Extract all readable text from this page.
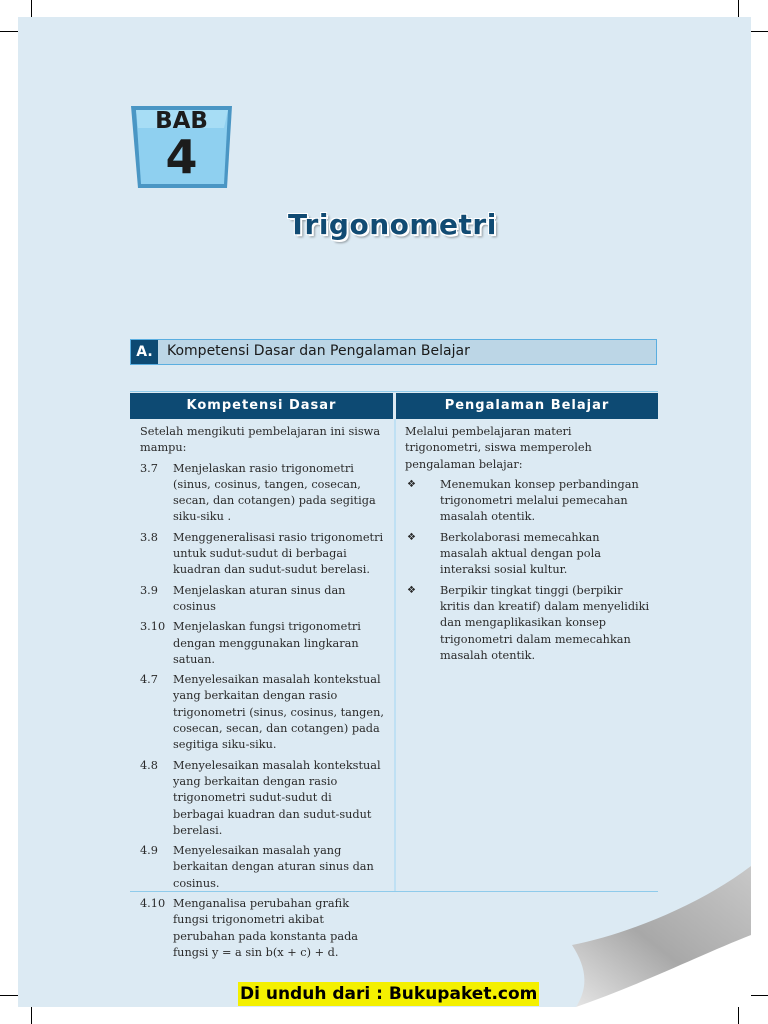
BAB
4
Trigonometri
A.	Kompetensi Dasar dan Pengalaman Belajar
Kompetensi Dasar	Pengalaman Belajar

Setelah mengikuti pembelajaran ini siswa mampu:

3.7	Menjelaskan rasio trigonometri (sinus, cosinus, tangen, cosecan, secan, dan cotangen) pada segitiga siku-siku .
3.8	Menggeneralisasi rasio trigonometri untuk sudut-sudut di berbagai kuadran dan sudut-sudut berelasi.
3.9	Menjelaskan aturan sinus dan cosinus
3.10 Menjelaskan fungsi trigonometri dengan menggunakan lingkaran satuan.
4.7	Menyelesaikan masalah kontekstual yang berkaitan dengan rasio trigonometri (sinus, cosinus, tangen, cosecan, secan, dan cotangen) pada segitiga siku-siku.
4.8	Menyelesaikan masalah kontekstual yang berkaitan dengan rasio trigonometri sudut-sudut di berbagai kuadran dan sudut-sudut berelasi.
4.9	Menyelesaikan masalah yang berkaitan dengan aturan sinus dan cosinus.
4.10 Menganalisa perubahan grafik fungsi trigonometri akibat perubahan pada konstanta pada fungsi y = a sin b(x + c) + d.

Melalui pembelajaran materi trigonometri, siswa memperoleh pengalaman belajar:

❖	Menemukan konsep perbandingan trigonometri melalui pemecahan masalah otentik.
❖	Berkolaborasi memecahkan masalah aktual dengan pola interaksi sosial kultur.
❖	Berpikir tingkat tinggi (berpikir kritis dan kreatif) dalam menyelidiki dan mengaplikasikan konsep trigonometri dalam memecahkan masalah otentik.
Di unduh dari : Bukupaket.com
